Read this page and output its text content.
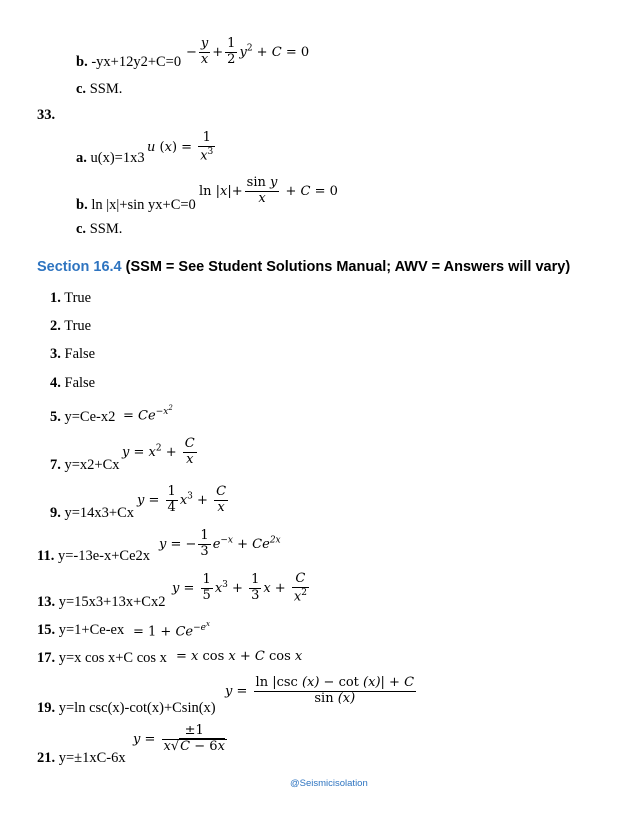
b. -yx+12y2+C=0
− $\frac{y}{x} + \frac{1}{2} y^2 + C = 0$
c. SSM.
33.
a. u(x)=1x3
u $(x) = \frac{1}{x^3}$
b. ln |x|+sin yx+C=0
$\ln |x|+ \frac{\text{sin y}}{x} + C = 0$
c. SSM.
Section 16.4 (SSM = See Student Solutions Manual; AWV = Answers will vary)
1. True
2. True
3. False
4. False
5. $y=Ce-x2 = Ce^{-x^2}$
7. y=x2+Cx
$y = x^2 + \frac{C}{x}$
9. y=14x3+Cx
$y = \frac{1}{4} x^3 + \frac{C}{x}$
11. y=-13e-x+Ce2x
y = − $\frac{1}{3} e^{-x} + Ce^{2x}$
13. y=15x3+13x+Cx2
$y = \frac{1}{5} x^3 + \frac{1}{3}$ $x + \frac{C}{x^2}$
15. $y=1+Ce-ex = 1 + Ce^{-e^x}$
17. y=x cos x+C cos x = x cos x + C cos x
19. y=ln csc(x)-cot(x)+Csin(x)
$y = \frac{\ln |\csc (x) - \cot (x)| + C}{\sin (x)}$
21. y=±1xC-6x
$y = \frac{\pm 1}{x√C - 6x}$
@Seismicisolation
